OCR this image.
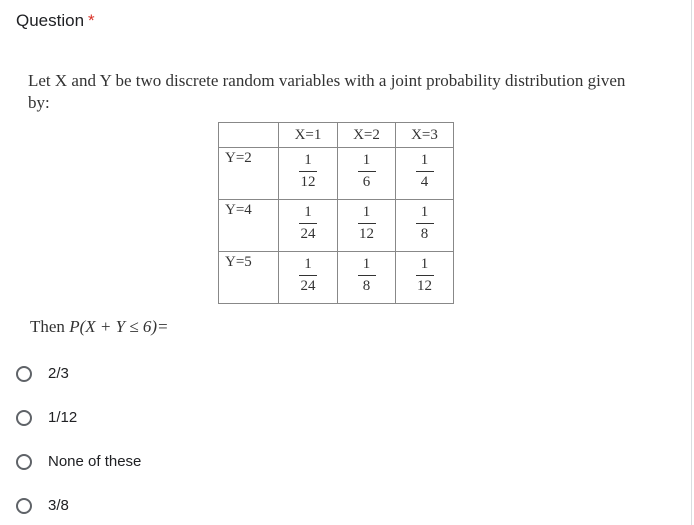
Question *
Let X and Y be two discrete random variables with a joint probability distribution given by:
	X=1	X=2	X=3
Y=2	$\frac{1}{12}$	$\frac{1}{6}$	$\frac{1}{4}$

Y=4	$\frac{1}{24}$	$\frac{1}{12}$	$\frac{1}{8}$

Y=5	$\frac{1}{24}$	$\frac{1}{8}$	$\frac{1}{12}$
Then P(X + Y ≤ 6)=
2/3
1/12
None of these
3/8
